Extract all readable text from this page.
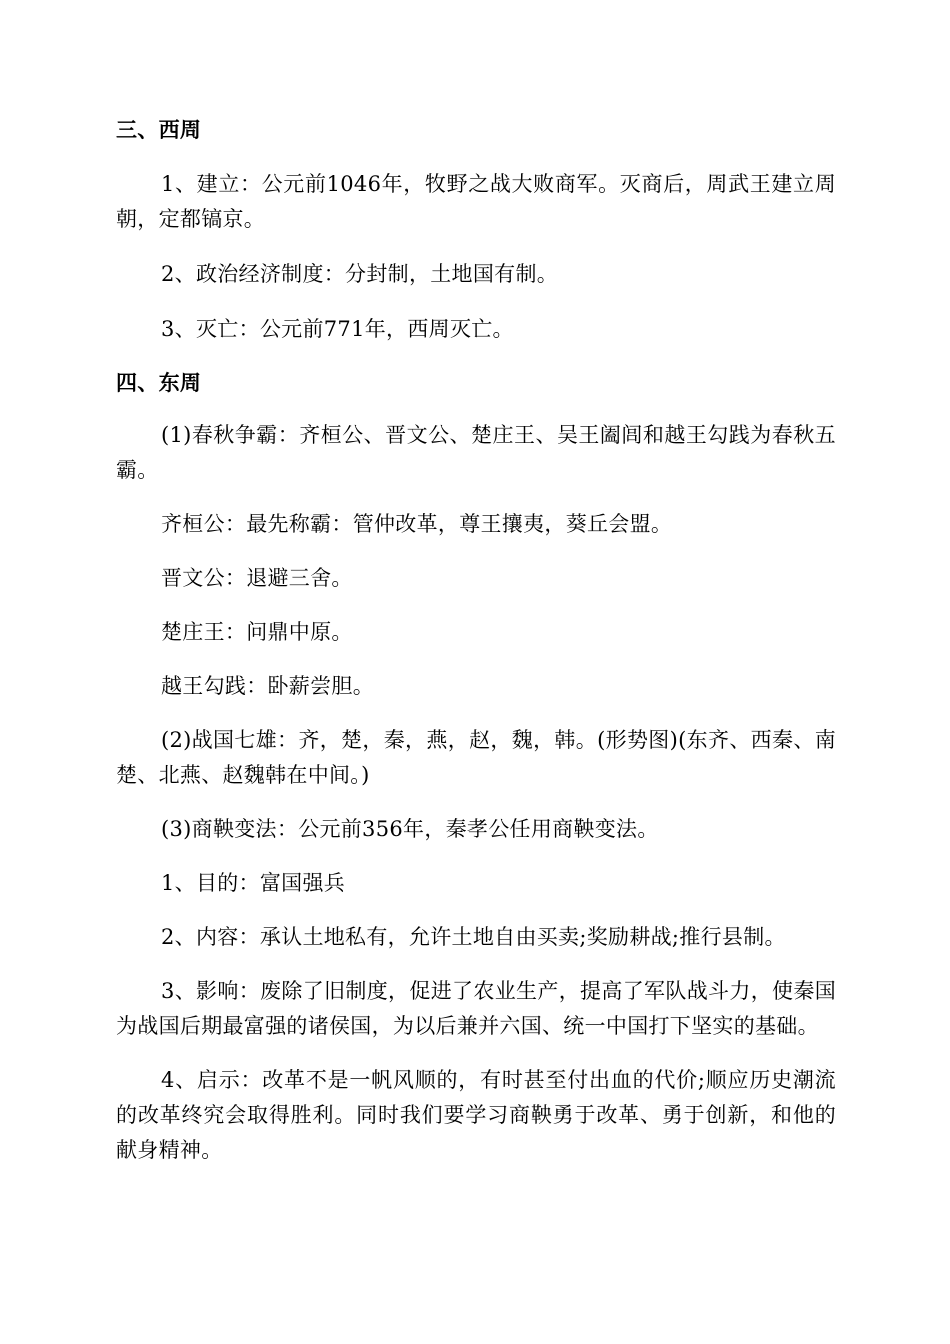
三、西周

1、建立：公元前1046年，牧野之战大败商军。灭商后，周武王建立周朝，定都镐京。

2、政治经济制度：分封制，土地国有制。

3、灭亡：公元前771年，西周灭亡。

四、东周

(1)春秋争霸：齐桓公、晋文公、楚庄王、吴王阖闾和越王勾践为春秋五霸。

齐桓公：最先称霸：管仲改革，尊王攘夷，葵丘会盟。

晋文公：退避三舍。

楚庄王：问鼎中原。

越王勾践：卧薪尝胆。

(2)战国七雄：齐，楚，秦，燕，赵，魏，韩。(形势图)(东齐、西秦、南楚、北燕、赵魏韩在中间。)

(3)商鞅变法：公元前356年，秦孝公任用商鞅变法。

1、目的：富国强兵

2、内容：承认土地私有，允许土地自由买卖;奖励耕战;推行县制。

3、影响：废除了旧制度，促进了农业生产，提高了军队战斗力，使秦国为战国后期最富强的诸侯国，为以后兼并六国、统一中国打下坚实的基础。

4、启示：改革不是一帆风顺的，有时甚至付出血的代价;顺应历史潮流的改革终究会取得胜利。同时我们要学习商鞅勇于改革、勇于创新，和他的献身精神。
